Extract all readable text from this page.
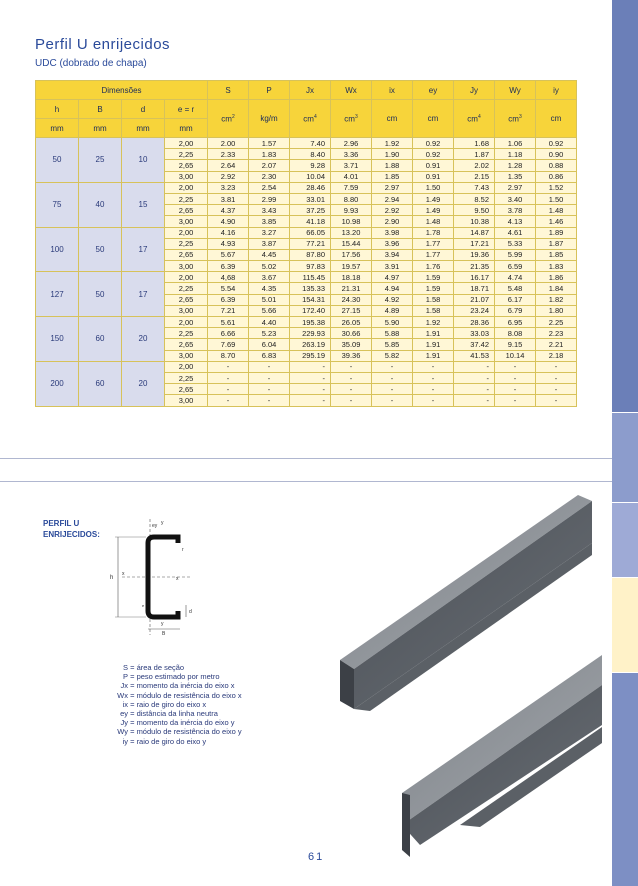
Perfil U enrijecidos
UDC (dobrado de chapa)
Dimensões				S	P	Jx	Wx	ix	ey	Jy	Wy	iy
h	B	d	e = r	$cm^2$	kg/m	$cm^4$	$cm^3$	cm	cm	$cm^4$	$cm^3$	cm
mm	mm	mm	mm									
50	25	10	2,00	2.00	1.57	7.40	2.96	1.92	0.92	1.68	1.06	0.92
			2,25	2.33	1.83	8.40	3.36	1.90	0.92	1.87	1.18	0.90
			2,65	2.64	2.07	9.28	3.71	1.88	0.91	2.02	1.28	0.88
			3,00	2.92	2.30	10.04	4.01	1.85	0.91	2.15	1.35	0.86
75	40	15	2,00	3.23	2.54	28.46	7.59	2.97	1.50	7.43	2.97	1.52
			2,25	3.81	2.99	33.01	8.80	2.94	1.49	8.52	3.40	1.50
			2,65	4.37	3.43	37.25	9.93	2.92	1.49	9.50	3.78	1.48
			3,00	4.90	3.85	41.18	10.98	2.90	1.48	10.38	4.13	1.46
100	50	17	2,00	4.16	3.27	66.05	13.20	3.98	1.78	14.87	4.61	1.89
			2,25	4.93	3.87	77.21	15.44	3.96	1.77	17.21	5.33	1.87
			2,65	5.67	4.45	87.80	17.56	3.94	1.77	19.36	5.99	1.85
			3,00	6.39	5.02	97.83	19.57	3.91	1.76	21.35	6.59	1.83
127	50	17	2,00	4,68	3.67	115.45	18.18	4.97	1.59	16.17	4.74	1.86
			2,25	5.54	4.35	135.33	21.31	4.94	1.59	18.71	5.48	1.84
			2,65	6.39	5.01	154.31	24.30	4.92	1.58	21.07	6.17	1.82
			3,00	7.21	5.66	172.40	27.15	4.89	1.58	23.24	6.79	1.80
150	60	20	2,00	5.61	4.40	195.38	26.05	5.90	1.92	28.36	6.95	2.25
			2,25	6.66	5.23	229.93	30.66	5.88	1.91	33.03	8.08	2.23
			2,65	7.69	6.04	263.19	35.09	5.85	1.91	37.42	9.15	2.21
			3,00	8.70	6.83	295.19	39.36	5.82	1.91	41.53	10.14	2.18
200	60	20	2,00	-	-	-	-	-	-	-	-	-
			2,25	-	-	-	-	-	-	-	-	-
			2,65	-	-	-	-	-	-	-	-	-
			3,00	-	-	-	-	-	-	-	-	-
PERFIL U ENRIJECIDOS:
ey y
y
x
x
h
d
r
e
B
S = área de seção
P = peso estimado por metro
Jx = momento da inércia do eixo x
Wx = módulo de resistência do eixo x
ix = raio de giro do eixo x
ey = distância da linha neutra
Jy = momento da inércia do eixo y
Wy = módulo de resistência do eixo y
iy = raio de giro do eixo y
61
